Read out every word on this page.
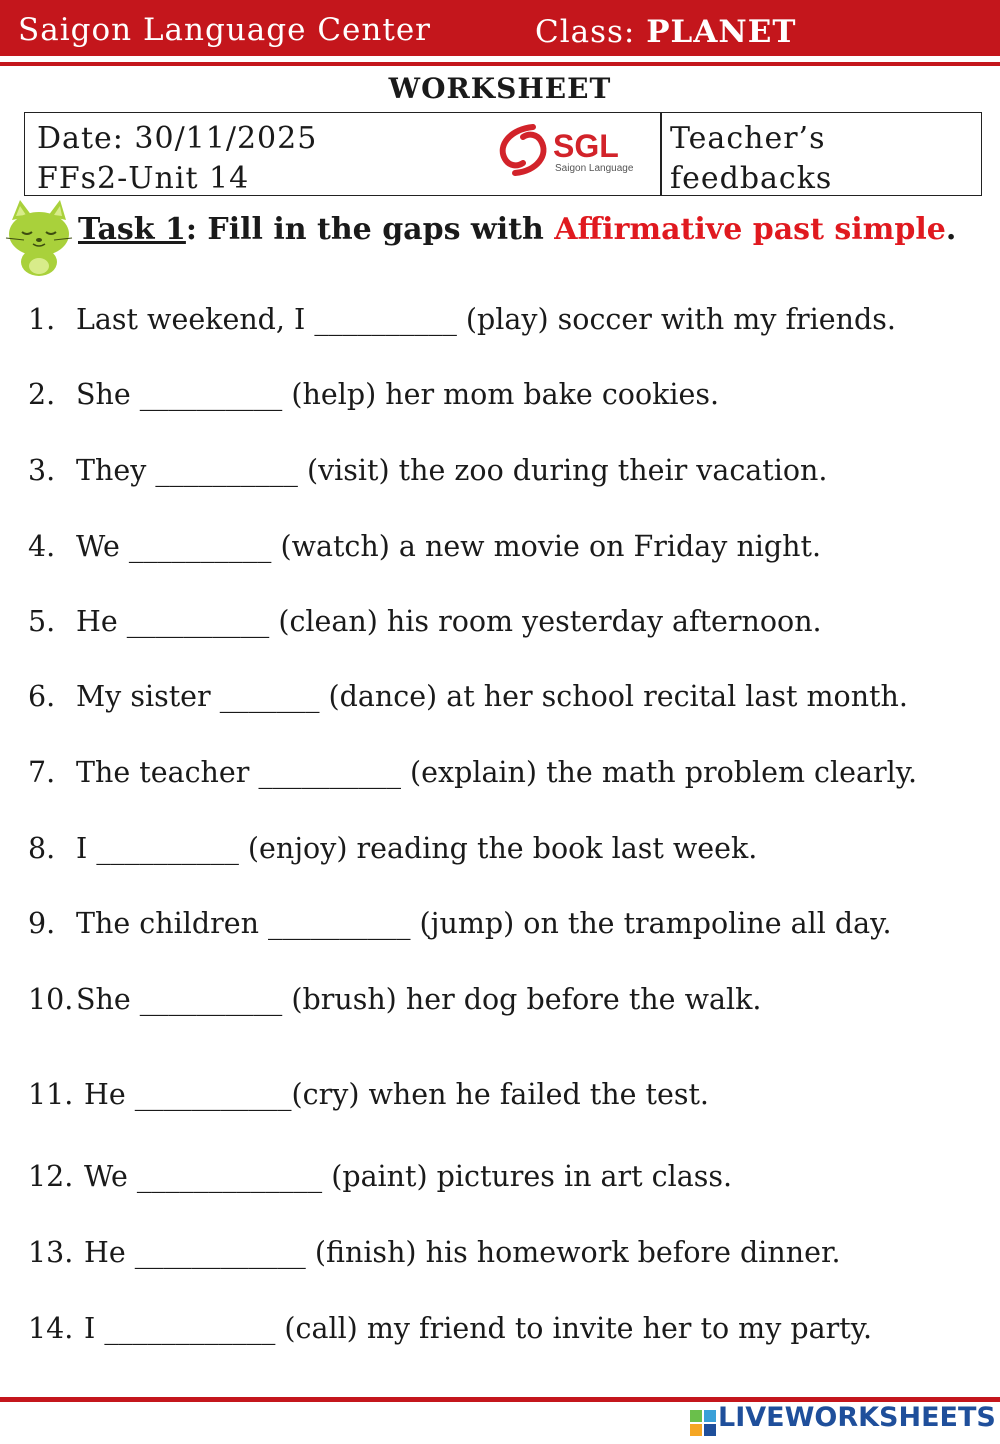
Saigon Language Center	Class: PLANET
WORKSHEET
Date: 30/11/2025
FFs2-Unit 14
SGL
Saigon Language
Teacher’s
feedbacks
Task 1: Fill in the gaps with Affirmative past simple.
1. Last weekend, I __________ (play) soccer with my friends.
2. She __________ (help) her mom bake cookies.
3. They __________ (visit) the zoo during their vacation.
4. We __________ (watch) a new movie on Friday night.
5. He __________ (clean) his room yesterday afternoon.
6. My sister _______ (dance) at her school recital last month.
7. The teacher __________ (explain) the math problem clearly.
8. I __________ (enjoy) reading the book last week.
9. The children __________ (jump) on the trampoline all day.
10.She __________ (brush) her dog before the walk.
11. He ___________(cry) when he failed the test.
12. We _____________ (paint) pictures in art class.
13. He ____________ (finish) his homework before dinner.
14. I ____________ (call) my friend to invite her to my party.
LIVEWORKSHEETS
